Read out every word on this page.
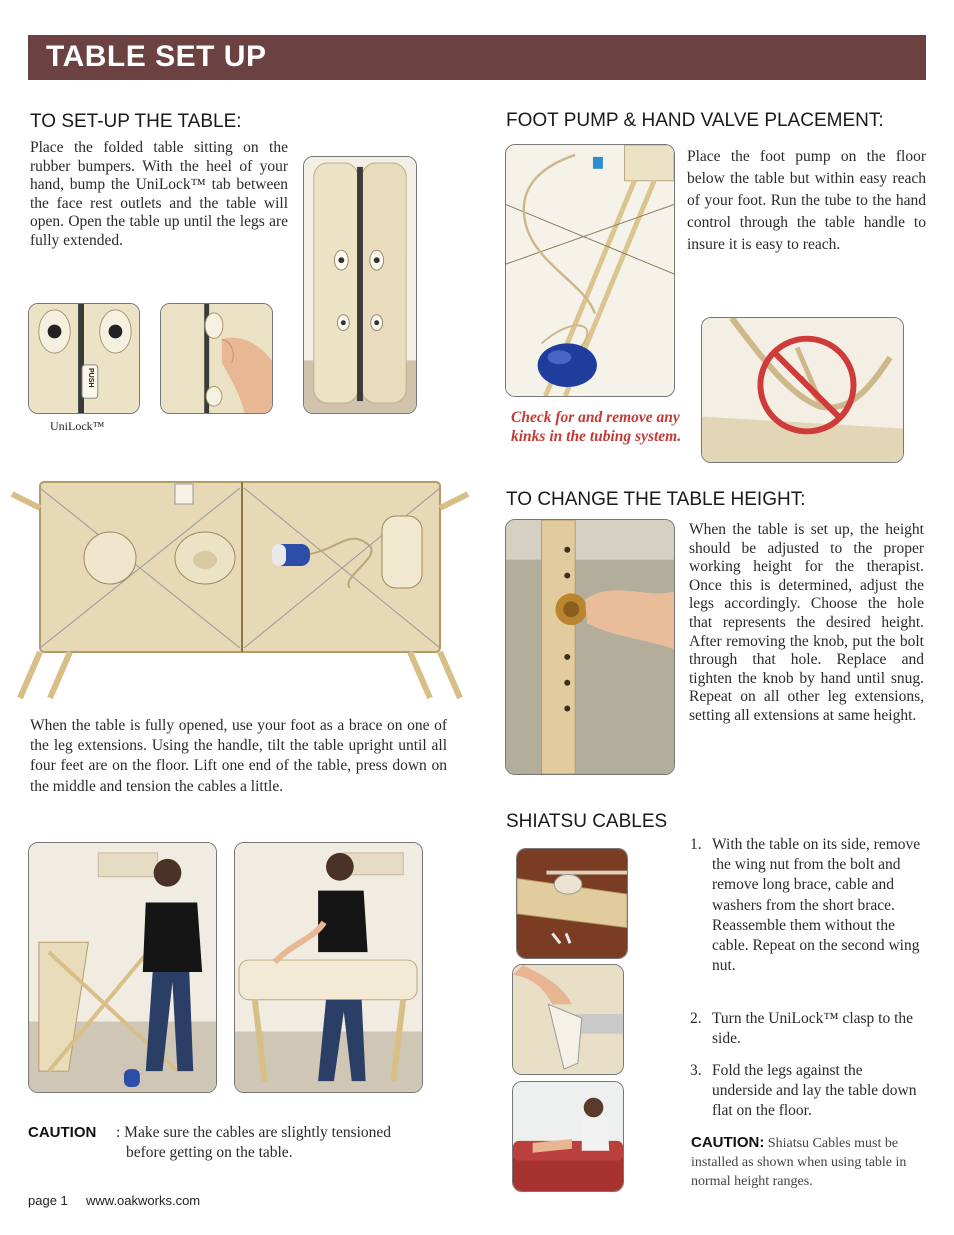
TABLE SET UP
TO SET-UP THE TABLE:
Place the folded table sitting on the rubber bumpers. With the heel of your hand, bump the UniLock™ tab between the face rest outlets and the table will open. Open the table up until the legs are fully extended.
PUSH
UniLock™
When the table is fully opened, use your foot as a brace on one of the leg extensions. Using the handle, tilt the table upright until all four feet are on the floor. Lift one end of the table, press down on the middle and tension the cables a little.
CAUTION : Make sure the cables are slightly tensioned before getting on the table.
FOOT PUMP & HAND VALVE PLACEMENT:
Place the foot pump on the floor below the table but within easy reach of your foot. Run the tube to the hand control through the table handle to insure it is easy to reach.
Check for and remove any kinks in the tubing system.
TO CHANGE THE TABLE HEIGHT:
When the table is set up, the height should be adjusted to the proper working height for the therapist. Once this is determined, adjust the legs accordingly. Choose the hole that represents the desired height. After removing the knob, put the bolt through that hole. Replace and tighten the knob by hand until snug. Repeat on all other leg extensions, setting all extensions at same height.
SHIATSU CABLES
1. With the table on its side, remove the wing nut from the bolt and remove long brace, cable and washers from the short brace. Reassemble them without the cable. Repeat on the second wing nut.
2. Turn the UniLock™ clasp to the side.
3. Fold the legs against the underside and lay the table down flat on the floor.
CAUTION: Shiatsu Cables must be installed as shown when using table in normal height ranges.
page 1 www.oakworks.com
